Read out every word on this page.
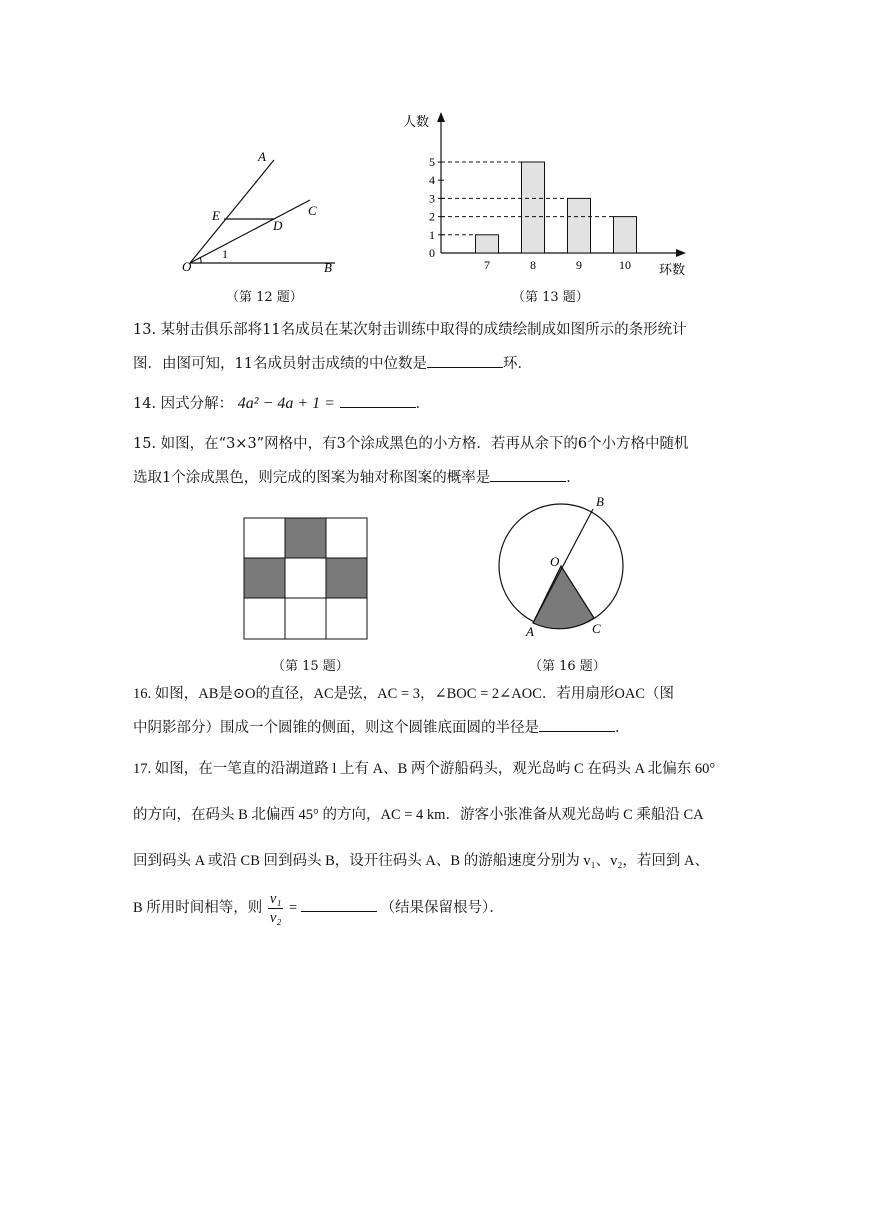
A
C
E
D
O	B
1
（第 12 题）
人数
环数
0
1
2
3
4
5
7	8	9	10
（第 13 题）
13. 某射击俱乐部将11名成员在某次射击训练中取得的成绩绘制成如图所示的条形统计
图．由图可知，11名成员射击成绩的中位数是	环．
14. 因式分解： 4a² − 4a + 1 =	．
15. 如图，在“3×3”网格中，有3个涂成黑色的小方格．若再从余下的6个小方格中随机
选取1个涂成黑色，则完成的图案为轴对称图案的概率是	．
（第 15 题）
B
O
A	C
（第 16 题）
16. 如图，AB是⊙O的直径，AC是弦，AC = 3，∠BOC = 2∠AOC．若用扇形OAC（图
中阴影部分）围成一个圆锥的侧面，则这个圆锥底面圆的半径是	．
17. 如图，在一笔直的沿湖道路 l 上有 A、B 两个游船码头，观光岛屿 C 在码头 A 北偏东 60°
的方向，在码头 B 北偏西 45° 的方向，AC = 4 km．游客小张准备从观光岛屿 C 乘船沿 CA
回到码头 A 或沿 CB 回到码头 B，设开往码头 A、B 的游船速度分别为 v₁、v₂，若回到 A、
B 所用时间相等，则 $\frac{\text{v₁}}{\text{v₂}}$ =	（结果保留根号）．
